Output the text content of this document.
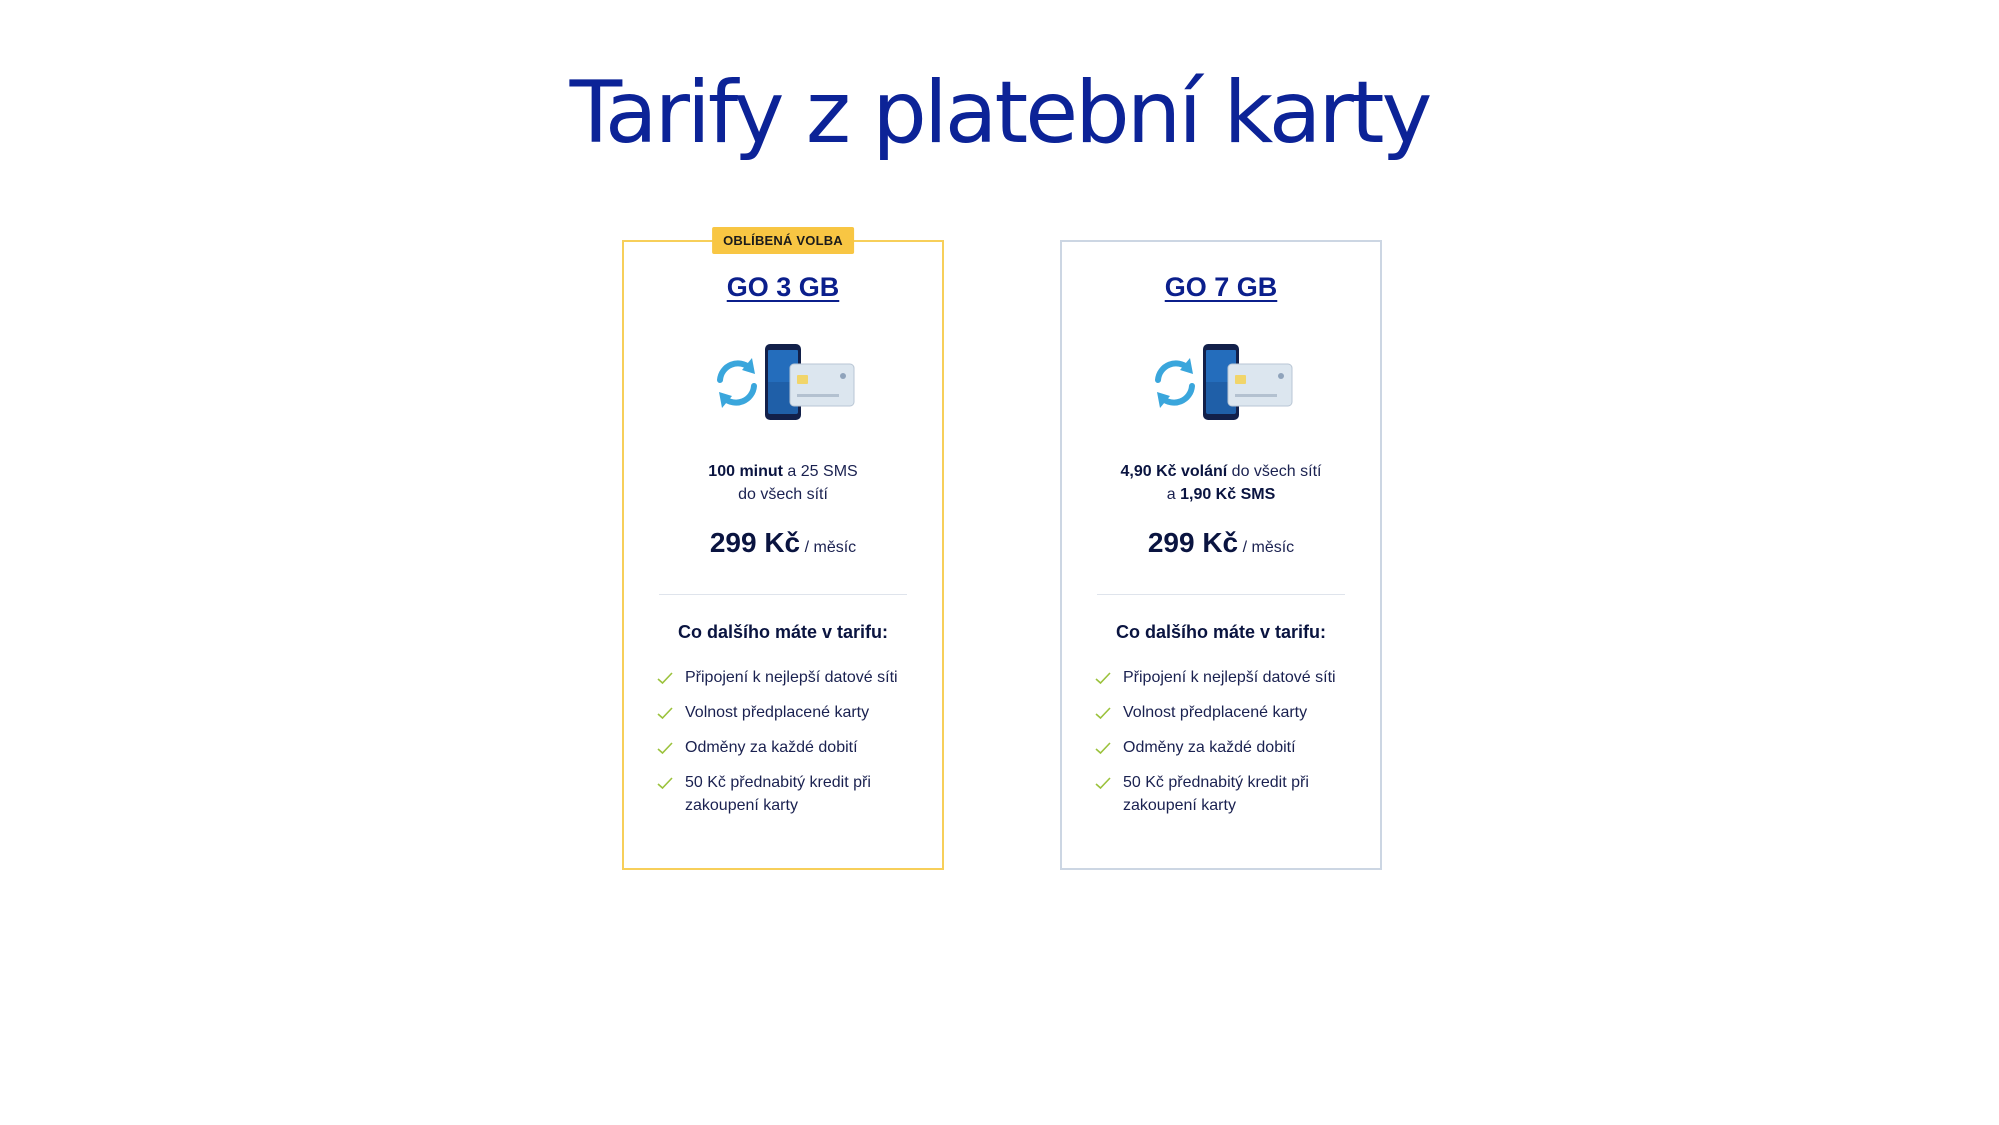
Tarify z platební karty
OBLÍBENÁ VOLBA
GO 3 GB
100 minut a 25 SMS
do všech sítí
299 Kč / měsíc
Co dalšího máte v tarifu:
Připojení k nejlepší datové síti
Volnost předplacené karty
Odměny za každé dobití
50 Kč přednabitý kredit při zakoupení karty
GO 7 GB
4,90 Kč volání do všech sítí
a 1,90 Kč SMS
299 Kč / měsíc
Co dalšího máte v tarifu:
Připojení k nejlepší datové síti
Volnost předplacené karty
Odměny za každé dobití
50 Kč přednabitý kredit při zakoupení karty
